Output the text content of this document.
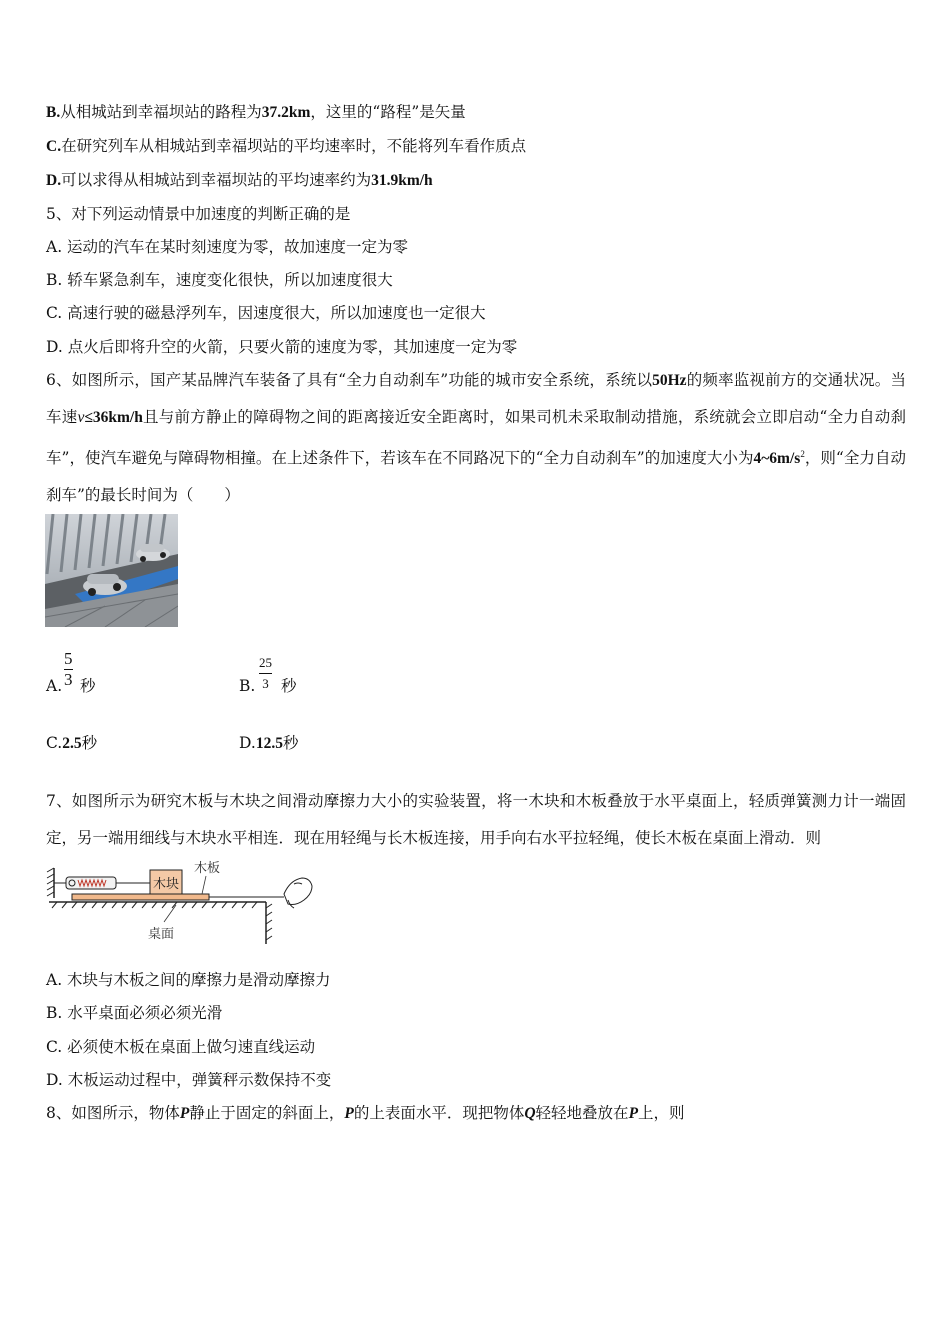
B.从相城站到幸福坝站的路程为37.2km，这里的“路程”是矢量
C.在研究列车从相城站到幸福坝站的平均速率时，不能将列车看作质点
D.可以求得从相城站到幸福坝站的平均速率约为31.9km/h
5、对下列运动情景中加速度的判断正确的是
A. 运动的汽车在某时刻速度为零，故加速度一定为零
B. 轿车紧急刹车，速度变化很快，所以加速度很大
C. 高速行驶的磁悬浮列车，因速度很大，所以加速度也一定很大
D. 点火后即将升空的火箭，只要火箭的速度为零，其加速度一定为零
6、如图所示，国产某品牌汽车装备了具有“全力自动刹车”功能的城市安全系统，系统以50Hz的频率监视前方的交通状况。当车速v≤36km/h且与前方静止的障碍物之间的距离接近安全距离时，如果司机未采取制动措施，系统就会立即启动“全力自动刹车”，使汽车避免与障碍物相撞。在上述条件下，若该车在不同路况下的“全力自动刹车”的加速度大小为$4\sim 6m/s^2$，则“全力自动刹车”的最长时间为（　　）
A.
5
3 秒	B.
25
3 秒
C.2.5秒	D.12.5秒
7、如图所示为研究木板与木块之间滑动摩擦力大小的实验装置，将一木块和木板叠放于水平桌面上，轻质弹簧测力计一端固定，另一端用细线与木块水平相连．现在用轻绳与长木板连接，用手向右水平拉轻绳，使长木板在桌面上滑动．则
木块
木板
桌面
A. 木块与木板之间的摩擦力是滑动摩擦力
B. 水平桌面必须必须光滑
C. 必须使木板在桌面上做匀速直线运动
D. 木板运动过程中，弹簧秤示数保持不变
8、如图所示，物体P静止于固定的斜面上，P的上表面水平．现把物体Q轻轻地叠放在P上，则
